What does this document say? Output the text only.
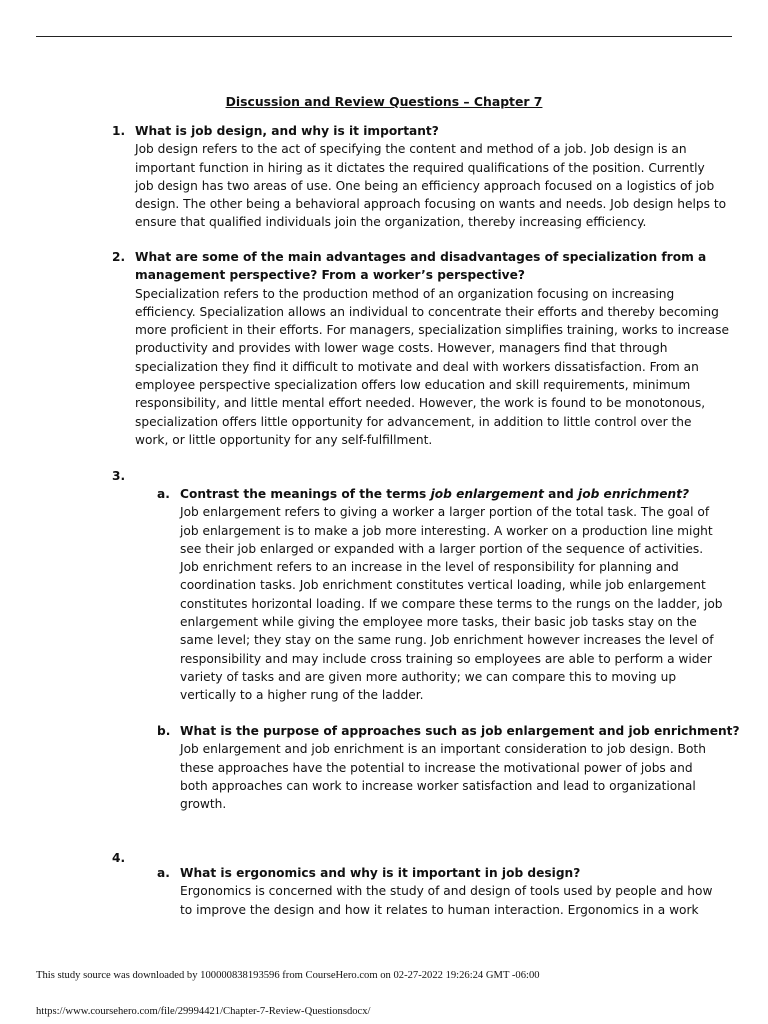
Discussion and Review Questions – Chapter 7
1. What is job design, and why is it important?
Job design refers to the act of specifying the content and method of a job. Job design is an
important function in hiring as it dictates the required qualifications of the position. Currently
job design has two areas of use. One being an efficiency approach focused on a logistics of job
design. The other being a behavioral approach focusing on wants and needs. Job design helps to
ensure that qualified individuals join the organization, thereby increasing efficiency.
2. What are some of the main advantages and disadvantages of specialization from a
management perspective? From a worker’s perspective?
Specialization refers to the production method of an organization focusing on increasing
efficiency. Specialization allows an individual to concentrate their efforts and thereby becoming
more proficient in their efforts. For managers, specialization simplifies training, works to increase
productivity and provides with lower wage costs. However, managers find that through
specialization they find it difficult to motivate and deal with workers dissatisfaction. From an
employee perspective specialization offers low education and skill requirements, minimum
responsibility, and little mental effort needed. However, the work is found to be monotonous,
specialization offers little opportunity for advancement, in addition to little control over the
work, or little opportunity for any self-fulfillment.
3.
a. Contrast the meanings of the terms job enlargement and job enrichment?
Job enlargement refers to giving a worker a larger portion of the total task. The goal of
job enlargement is to make a job more interesting. A worker on a production line might
see their job enlarged or expanded with a larger portion of the sequence of activities.
Job enrichment refers to an increase in the level of responsibility for planning and
coordination tasks. Job enrichment constitutes vertical loading, while job enlargement
constitutes horizontal loading. If we compare these terms to the rungs on the ladder, job
enlargement while giving the employee more tasks, their basic job tasks stay on the
same level; they stay on the same rung. Job enrichment however increases the level of
responsibility and may include cross training so employees are able to perform a wider
variety of tasks and are given more authority; we can compare this to moving up
vertically to a higher rung of the ladder.
b. What is the purpose of approaches such as job enlargement and job enrichment?
Job enlargement and job enrichment is an important consideration to job design. Both
these approaches have the potential to increase the motivational power of jobs and
both approaches can work to increase worker satisfaction and lead to organizational
growth.
4.
a. What is ergonomics and why is it important in job design?
Ergonomics is concerned with the study of and design of tools used by people and how
to improve the design and how it relates to human interaction. Ergonomics in a work
This study source was downloaded by 100000838193596 from CourseHero.com on 02-27-2022 19:26:24 GMT -06:00
https://www.coursehero.com/file/29994421/Chapter-7-Review-Questionsdocx/
